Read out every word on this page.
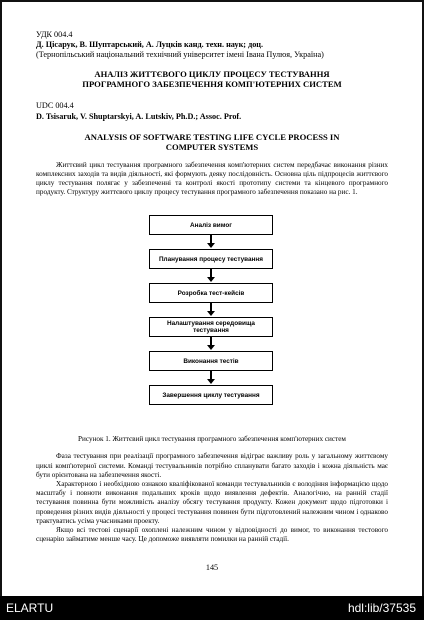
УДК 004.4
Д. Цісарук, В. Шуптарський, А. Луцків канд. техн. наук; доц.
(Тернопільський національний технічний університет імені Івана Пулюя, Україна)
АНАЛІЗ ЖИТТЄВОГО ЦИКЛУ ПРОЦЕСУ ТЕСТУВАННЯ
ПРОГРАМНОГО ЗАБЕЗПЕЧЕННЯ КОМП'ЮТЕРНИХ СИСТЕМ
UDC 004.4
D. Tsisaruk, V. Shuptarskyi, A. Lutskiv, Ph.D.; Assoc. Prof.
ANALYSIS OF SOFTWARE TESTING LIFE CYCLE PROCESS IN
COMPUTER SYSTEMS

Життєвий цикл тестування програмного забезпечення комп'ютерних систем передбачає виконання різних комплексних заходів та видів діяльності, які формують деяку послідовність. Основна ціль підпроцесів життєвого циклу тестування полягає у забезпеченні та контролі якості прототипу системи та кінцевого програмного продукту. Структуру життєвого циклу процесу тестування програмного забезпечення показано на рис. 1.

Аналіз вимог
Планування процесу тестування
Розробка тест-кейсів
Налаштування середовища тестування
Виконання тестів
Завершення циклу тестування
Рисунок 1. Життєвий цикл тестування програмного забезпечення комп'ютерних систем

Фаза тестування при реалізації програмного забезпечення відіграє важливу роль у загальному життєвому циклі комп'ютерної системи. Команді тестувальників потрібно спланувати багато заходів і кожна діяльність має бути орієнтована на забезпечення якості.

Характерною і необхідною ознакою кваліфікованої команди тестувальників є володіння інформацією щодо масштабу і повноти виконання подальших кроків щодо виявлення дефектів. Аналогічно, на ранній стадії тестування повинна бути можливість аналізу обсягу тестування продукту. Кожен документ щодо підготовки і проведення різних видів діяльності у процесі тестування повинен бути підготовлений належним чином і однаково трактуватись усіма учасниками проекту.

Якщо всі тестові сценарії охоплені належним чином у відповідності до вимог, то виконання тестового сценарію займатиме менше часу. Це допоможе виявляти помилки на ранній стадії.

145
ELARTU	hdl:lib/37535
